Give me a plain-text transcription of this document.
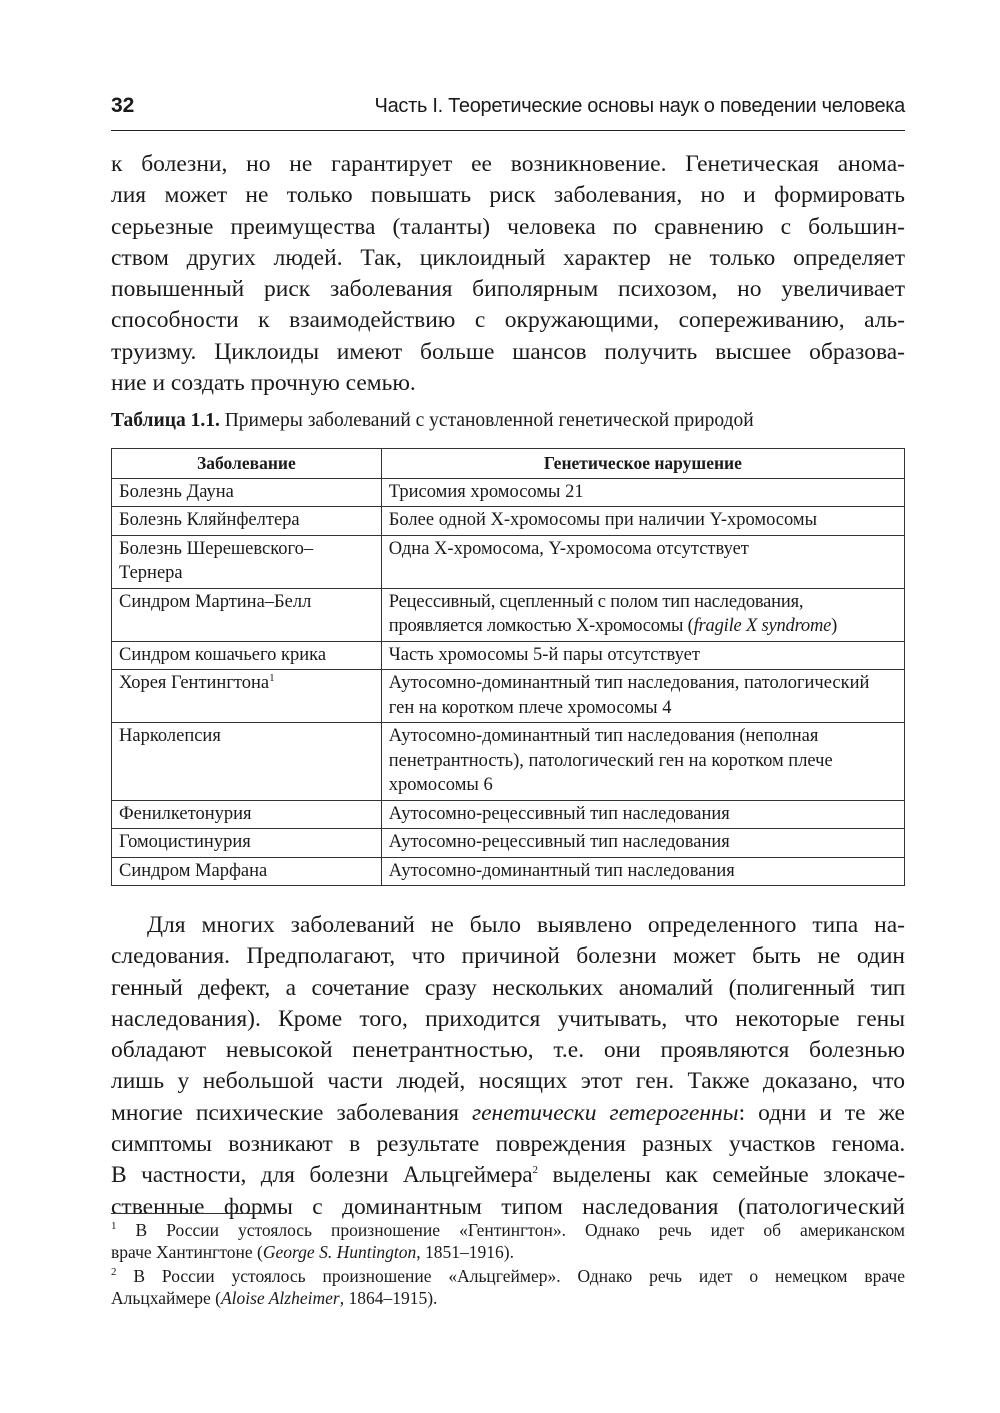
32	Часть I. Теоретические основы наук о поведении человека
к болезни, но не гарантирует ее возникновение. Генетическая анома-
лия может не только повышать риск заболевания, но и формировать
серьезные преимущества (таланты) человека по сравнению с большин-
ством других людей. Так, циклоидный характер не только определяет
повышенный риск заболевания биполярным психозом, но увеличивает
способности к взаимодействию с окружающими, сопереживанию, аль-
труизму. Циклоиды имеют больше шансов получить высшее образова-
ние и создать прочную семью.
Таблица 1.1. Примеры заболеваний с установленной генетической природой
Заболевание	Генетическое нарушение
Болезнь Дауна	Трисомия хромосомы 21
Болезнь Кляйнфелтера	Более одной X-хромосомы при наличии Y-хромосомы
Болезнь Шерешевского–Тернера	Одна X-хромосома, Y-хромосома отсутствует
Синдром Мартина–Белл	Рецессивный, сцепленный с полом тип наследования, проявляется ломкостью X-хромосомы (fragile X syndrome)
Синдром кошачьего крика	Часть хромосомы 5-й пары отсутствует
Хорея Гентингтона$^1$	Аутосомно-доминантный тип наследования, патологический ген на коротком плече хромосомы 4
Нарколепсия	Аутосомно-доминантный тип наследования (неполная пенетрантность), патологический ген на коротком плече хромосомы 6
Фенилкетонурия	Аутосомно-рецессивный тип наследования
Гомоцистинурия	Аутосомно-рецессивный тип наследования
Синдром Марфана	Аутосомно-доминантный тип наследования
Для многих заболеваний не было выявлено определенного типа на-
следования. Предполагают, что причиной болезни может быть не один
генный дефект, а сочетание сразу нескольких аномалий (полигенный тип
наследования). Кроме того, приходится учитывать, что некоторые гены
обладают невысокой пенетрантностью, т.е. они проявляются болезнью
лишь у небольшой части людей, носящих этот ген. Также доказано, что
многие психические заболевания генетически гетерогенны: одни и те же
симптомы возникают в результате повреждения разных участков генома.
В частности, для болезни Альцгеймера$^2$ выделены как семейные злокаче-
ственные формы с доминантным типом наследования (патологический
$^1$ В России устоялось произношение «Гентингтон». Однако речь идет об американском
враче Хантингтоне (George S. Huntington, 1851–1916).
$^2$ В России устоялось произношение «Альцгеймер». Однако речь идет о немецком враче
Альцхаймере (Aloise Alzheimer, 1864–1915).
